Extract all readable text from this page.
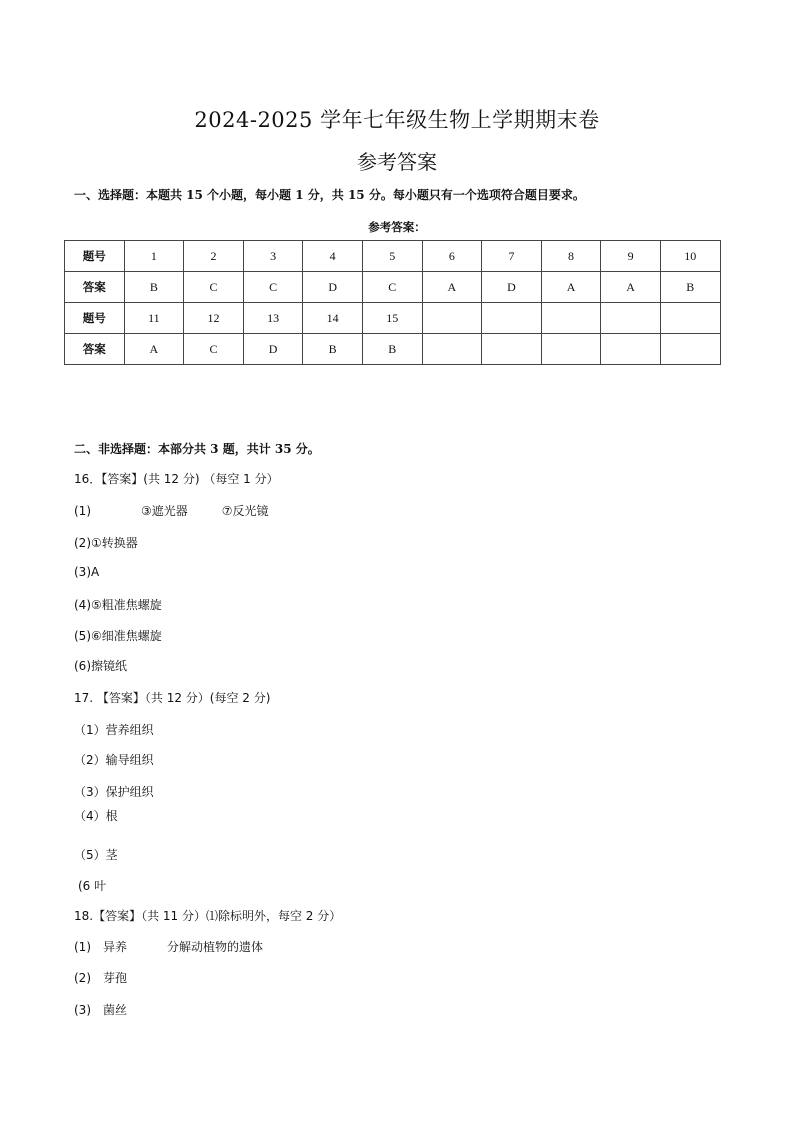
2024-2025 学年七年级生物上学期期末卷
参考答案
一、选择题：本题共 15 个小题，每小题 1 分，共 15 分。每小题只有一个选项符合题目要求。
参考答案：
题号	1	2	3	4	5	6	7	8	9	10
答案	B	C	C	D	C	A	D	A	A	B
题号	11	12	13	14	15					
答案	A	C	D	B	B					
二、非选择题：本部分共 3 题，共计 35 分。
16．【答案】(共 12 分) （每空 1 分）
(1)	③遮光器	⑦反光镜
(2)①转换器
(3)A
(4)⑤粗准焦螺旋
(5)⑥细准焦螺旋
(6)擦镜纸
17. 【答案】（共 12 分）(每空 2 分)
（1）营养组织
（2）输导组织
（3）保护组织
（4）根
（5）茎
(6 叶
18.【答案】（共 11 分）⑴除标明外，每空 2 分）
(1) 异养	分解动植物的遗体
(2) 芽孢
(3) 菌丝
